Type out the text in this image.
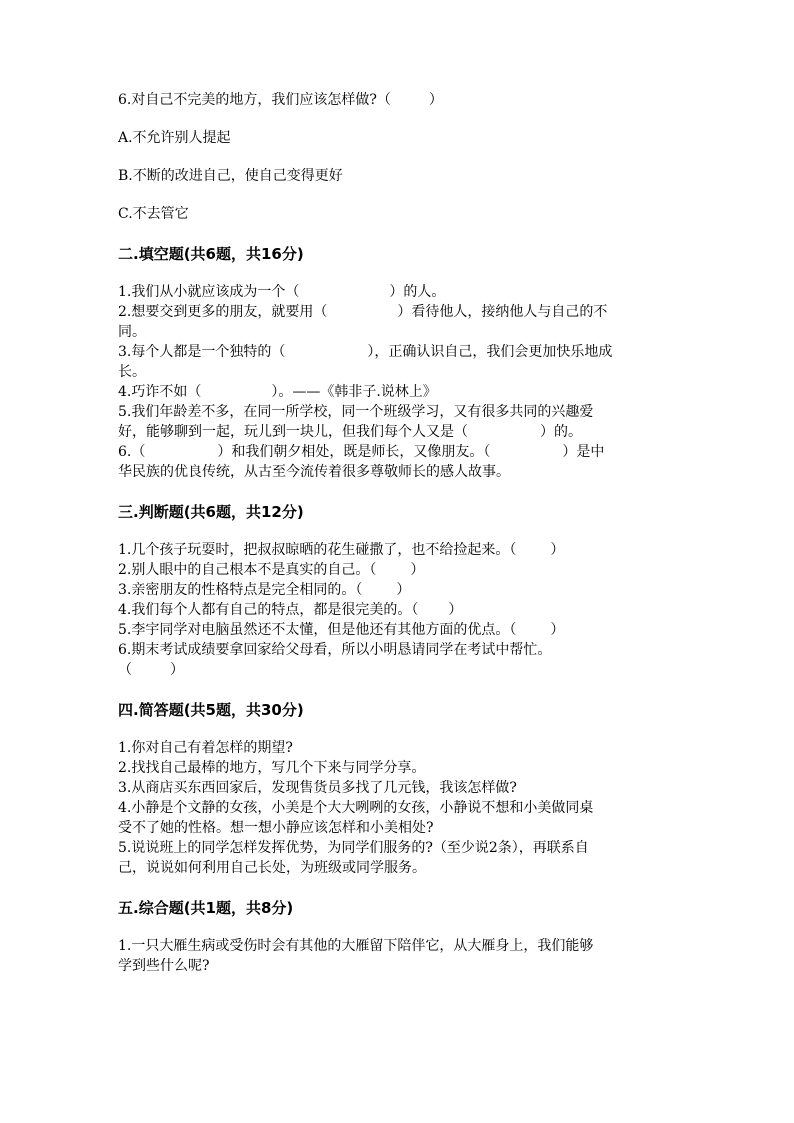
6.对自己不完美的地方，我们应该怎样做?（	）

A.不允许别人提起

B.不断的改进自己，使自己变得更好

C.不去管它

二.填空题(共6题，共16分)

1.我们从小就应该成为一个（	）的人。

2.想要交到更多的朋友，就要用（	）看待他人，接纳他人与自己的不

同。

3.每个人都是一个独特的（	），正确认识自己，我们会更加快乐地成

长。

4.巧诈不如（	）。——《韩非子.说林上》

5.我们年龄差不多，在同一所学校，同一个班级学习，又有很多共同的兴趣爱

好，能够聊到一起，玩儿到一块儿，但我们每个人又是（	）的。

6.（	）和我们朝夕相处，既是师长，又像朋友。（	）是中

华民族的优良传统，从古至今流传着很多尊敬师长的感人故事。

三.判断题(共6题，共12分)

1.几个孩子玩耍时，把叔叔晾晒的花生碰撒了，也不给捡起来。（ ）

2.别人眼中的自己根本不是真实的自己。（ ）

3.亲密朋友的性格特点是完全相同的。（ ）

4.我们每个人都有自己的特点，都是很完美的。（ ）

5.李宇同学对电脑虽然还不太懂，但是他还有其他方面的优点。（ ）

6.期末考试成绩要拿回家给父母看，所以小明恳请同学在考试中帮忙。

（	）

四.简答题(共5题，共30分)

1.你对自己有着怎样的期望?

2.找找自己最棒的地方，写几个下来与同学分享。

3.从商店买东西回家后，发现售货员多找了几元钱，我该怎样做?

4.小静是个文静的女孩，小美是个大大咧咧的女孩，小静说不想和小美做同桌

受不了她的性格。想一想小静应该怎样和小美相处?

5.说说班上的同学怎样发挥优势，为同学们服务的?（至少说2条），再联系自

己，说说如何利用自己长处，为班级或同学服务。

五.综合题(共1题，共8分)

1.一只大雁生病或受伤时会有其他的大雁留下陪伴它，从大雁身上，我们能够

学到些什么呢?
